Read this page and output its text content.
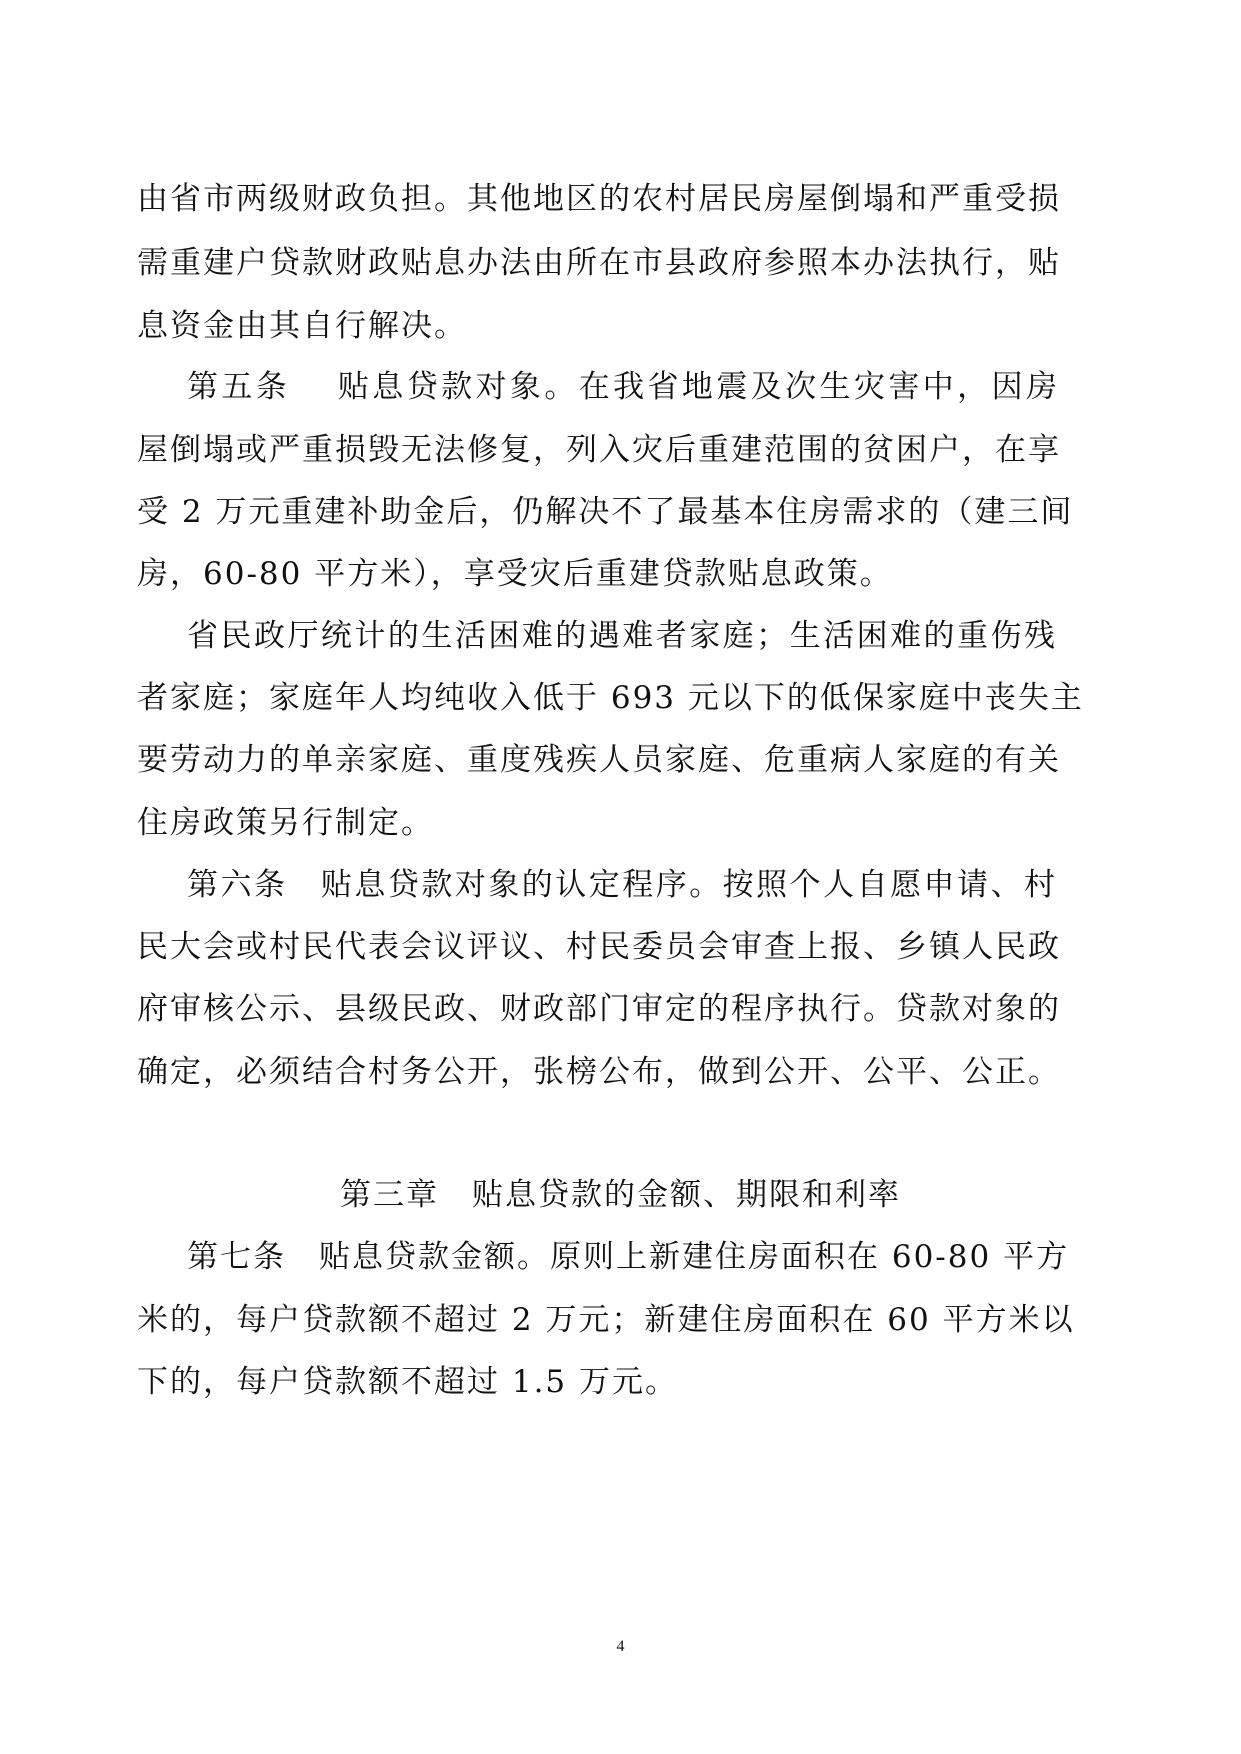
由省市两级财政负担。其他地区的农村居民房屋倒塌和严重受损
需重建户贷款财政贴息办法由所在市县政府参照本办法执行，贴
息资金由其自行解决。
第五条　 贴息贷款对象。在我省地震及次生灾害中，因房
屋倒塌或严重损毁无法修复，列入灾后重建范围的贫困户，在享
受 2 万元重建补助金后，仍解决不了最基本住房需求的（建三间
房，60-80 平方米），享受灾后重建贷款贴息政策。
省民政厅统计的生活困难的遇难者家庭；生活困难的重伤残
者家庭；家庭年人均纯收入低于 693 元以下的低保家庭中丧失主
要劳动力的单亲家庭、重度残疾人员家庭、危重病人家庭的有关
住房政策另行制定。
第六条　贴息贷款对象的认定程序。按照个人自愿申请、村
民大会或村民代表会议评议、村民委员会审查上报、乡镇人民政
府审核公示、县级民政、财政部门审定的程序执行。贷款对象的
确定，必须结合村务公开，张榜公布，做到公开、公平、公正。
第三章　贴息贷款的金额、期限和利率
第七条　贴息贷款金额。原则上新建住房面积在 60-80 平方
米的，每户贷款额不超过 2 万元；新建住房面积在 60 平方米以
下的，每户贷款额不超过 1.5 万元。
4
